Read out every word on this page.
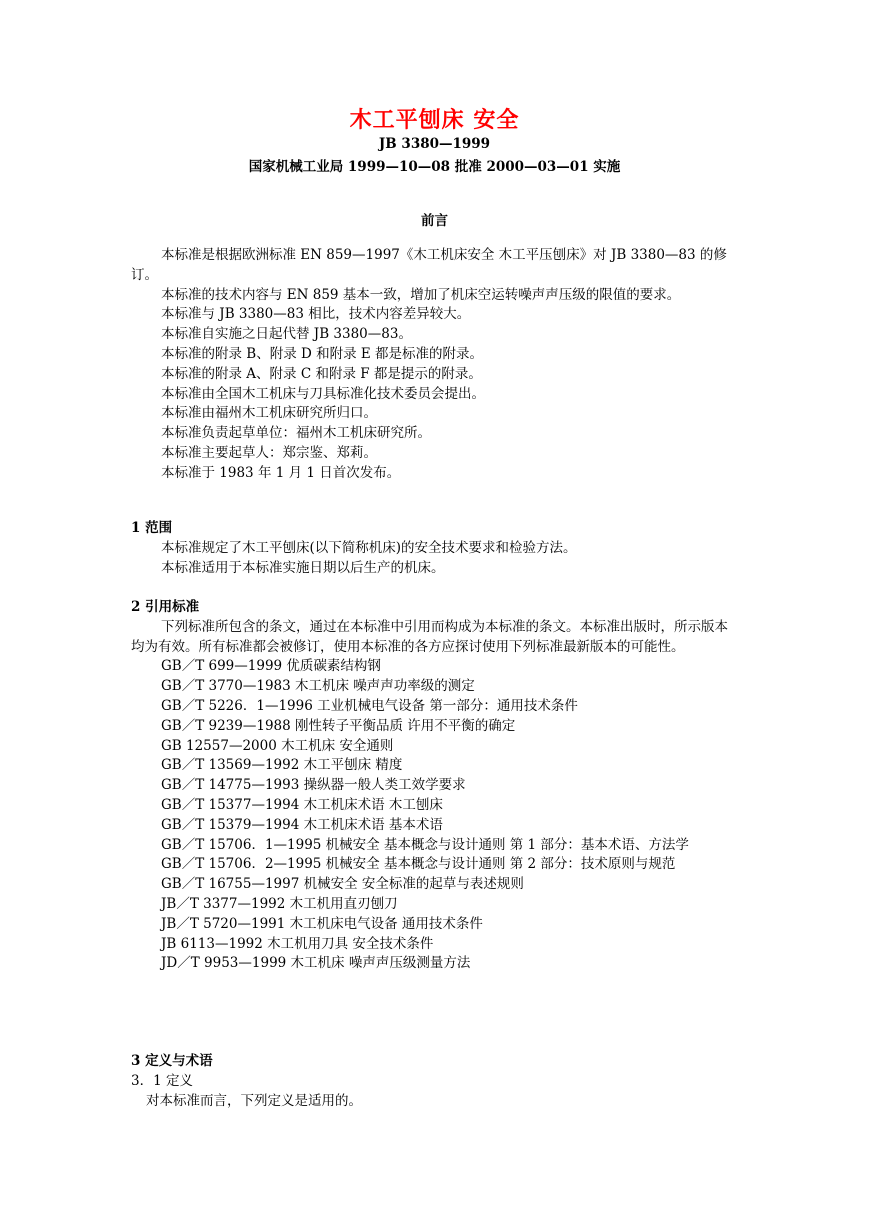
木工平刨床 安全
JB 3380—1999
国家机械工业局 1999—10—08 批准 2000—03—01 实施
前言

本标准是根据欧洲标准 EN 859—1997《木工机床安全 木工平压刨床》对 JB 3380—83 的修订。

本标准的技术内容与 EN 859 基本一致，增加了机床空运转噪声声压级的限值的要求。

本标准与 JB 3380—83 相比，技术内容差异较大。

本标准自实施之日起代替 JB 3380—83。

本标准的附录 B、附录 D 和附录 E 都是标准的附录。

本标准的附录 A、附录 C 和附录 F 都是提示的附录。

本标准由全国木工机床与刀具标准化技术委员会提出。

本标准由福州木工机床研究所归口。

本标准负责起草单位：福州木工机床研究所。

本标准主要起草人：郑宗鉴、郑莉。

本标准于 1983 年 1 月 1 日首次发布。

1 范围

本标准规定了木工平刨床(以下简称机床)的安全技术要求和检验方法。

本标准适用于本标准实施日期以后生产的机床。

2 引用标准

下列标准所包含的条文，通过在本标准中引用而构成为本标准的条文。本标准出版时，所示版本均为有效。所有标准都会被修订，使用本标准的各方应探讨使用下列标准最新版本的可能性。

GB／T 699—1999 优质碳素结构钢

GB／T 3770—1983 木工机床 噪声声功率级的测定

GB／T 5226．1—1996 工业机械电气设备 第一部分：通用技术条件

GB／T 9239—1988 刚性转子平衡品质 许用不平衡的确定

GB 12557—2000 木工机床 安全通则

GB／T 13569—1992 木工平刨床 精度

GB／T 14775—1993 操纵器一般人类工效学要求

GB／T 15377—1994 木工机床术语 木工刨床

GB／T 15379—1994 木工机床术语 基本术语

GB／T 15706．1—1995 机械安全 基本概念与设计通则 第 1 部分：基本术语、方法学

GB／T 15706．2—1995 机械安全 基本概念与设计通则 第 2 部分：技术原则与规范

GB／T 16755—1997 机械安全 安全标准的起草与表述规则

JB／T 3377—1992 木工机用直刃刨刀

JB／T 5720—1991 木工机床电气设备 通用技术条件

JB 6113—1992 木工机用刀具 安全技术条件

JD／T 9953—1999 木工机床 噪声声压级测量方法

3 定义与术语

3．1 定义

对本标准而言，下列定义是适用的。
